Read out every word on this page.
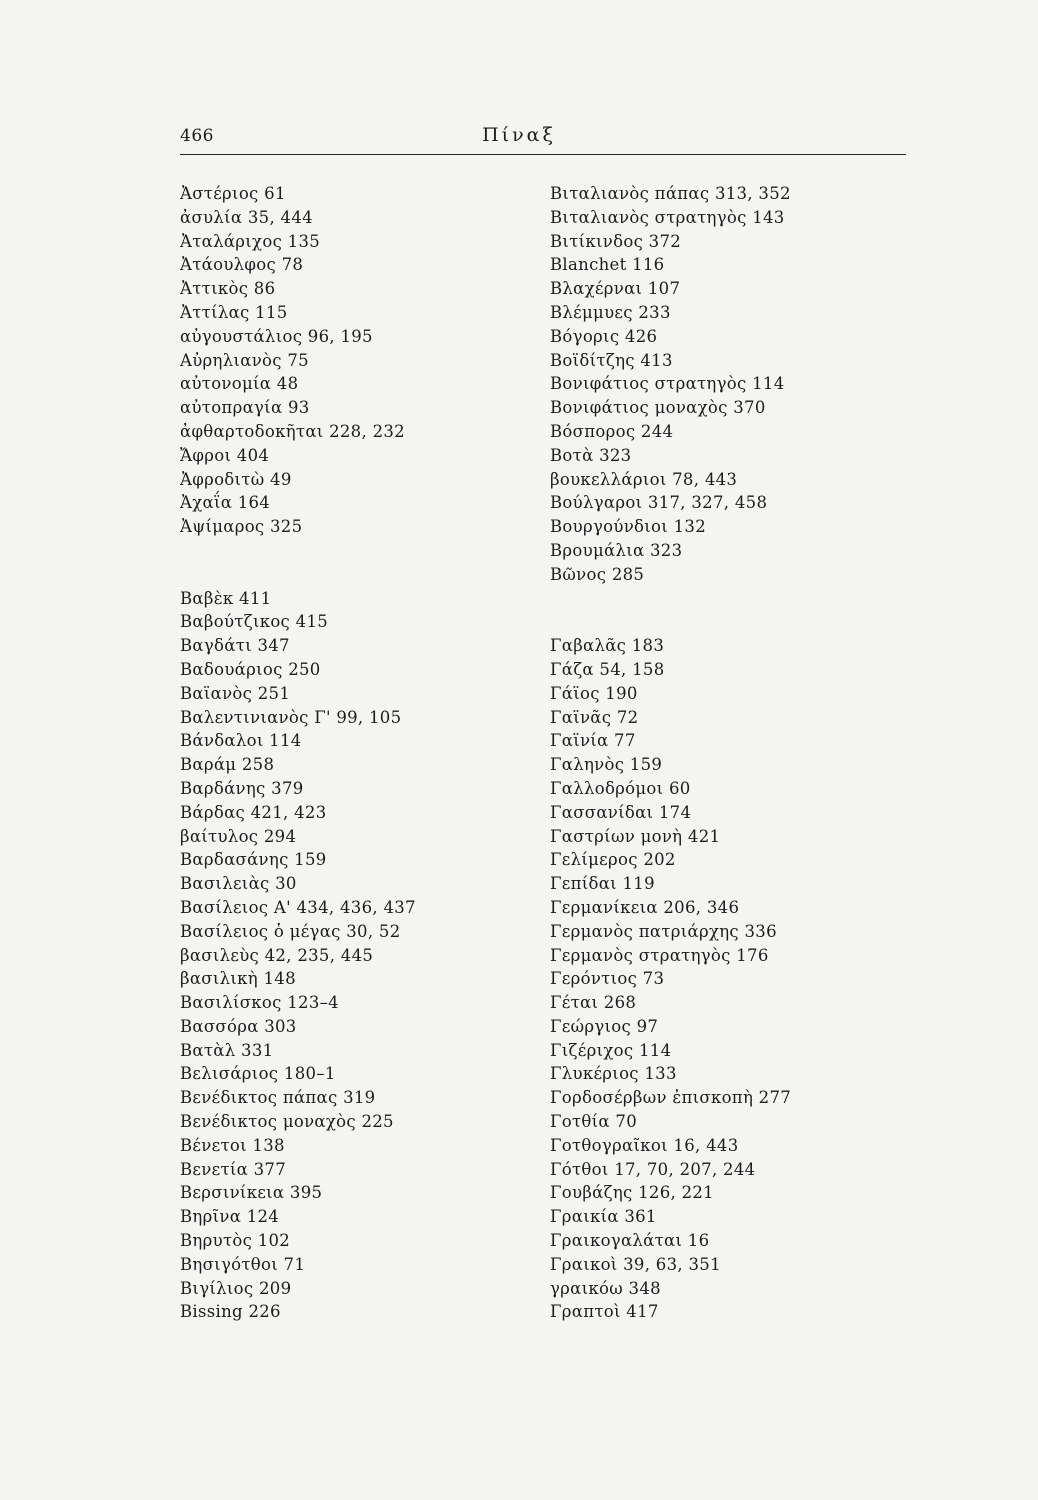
466	Πίναξ
Ἀστέριος 61
ἀσυλία 35, 444
Ἀταλάριχος 135
Ἀτάουλφος 78
Ἀττικὸς 86
Ἀττίλας 115
αὐγουστάλιος 96, 195
Αὐρηλιανὸς 75
αὐτονομία 48
αὐτοπραγία 93
ἀφθαρτοδοκῆται 228, 232
Ἄφροι 404
Ἀφροδιτὼ 49
Ἀχαΐα 164
Ἀψίμαρος 325
Βαβὲκ 411
Βαβούτζικος 415
Βαγδάτι 347
Βαδουάριος 250
Βαϊανὸς 251
Βαλεντινιανὸς Γ' 99, 105
Βάνδαλοι 114
Βαράμ 258
Βαρδάνης 379
Βάρδας 421, 423
βαίτυλος 294
Βαρδασάνης 159
Βασιλειὰς 30
Βασίλειος Α' 434, 436, 437
Βασίλειος ὁ μέγας 30, 52
βασιλεὺς 42, 235, 445
βασιλικὴ 148
Βασιλίσκος 123–4
Βασσόρα 303
Βατὰλ 331
Βελισάριος 180–1
Βενέδικτος πάπας 319
Βενέδικτος μοναχὸς 225
Βένετοι 138
Βενετία 377
Βερσινίκεια 395
Βηρῖνα 124
Βηρυτὸς 102
Βησιγότθοι 71
Βιγίλιος 209
Bissing 226
Βιταλιανὸς πάπας 313, 352
Βιταλιανὸς στρατηγὸς 143
Βιτίκινδος 372
Blanchet 116
Βλαχέρναι 107
Βλέμμυες 233
Βόγορις 426
Βοϊδίτζης 413
Βονιφάτιος στρατηγὸς 114
Βονιφάτιος μοναχὸς 370
Βόσπορος 244
Βοτὰ 323
βουκελλάριοι 78, 443
Βούλγαροι 317, 327, 458
Βουργούνδιοι 132
Βρουμάλια 323
Βῶνος 285
Γαβαλᾶς 183
Γάζα 54, 158
Γάϊος 190
Γαϊνᾶς 72
Γαϊνία 77
Γαληνὸς 159
Γαλλοδρόμοι 60
Γασσανίδαι 174
Γαστρίων μονὴ 421
Γελίμερος 202
Γεπίδαι 119
Γερμανίκεια 206, 346
Γερμανὸς πατριάρχης 336
Γερμανὸς στρατηγὸς 176
Γερόντιος 73
Γέται 268
Γεώργιος 97
Γιζέριχος 114
Γλυκέριος 133
Γορδοσέρβων ἐπισκοπὴ 277
Γοτθία 70
Γοτθογραῖκοι 16, 443
Γότθοι 17, 70, 207, 244
Γουβάζης 126, 221
Γραικία 361
Γραικογαλάται 16
Γραικοὶ 39, 63, 351
γραικόω 348
Γραπτοὶ 417
